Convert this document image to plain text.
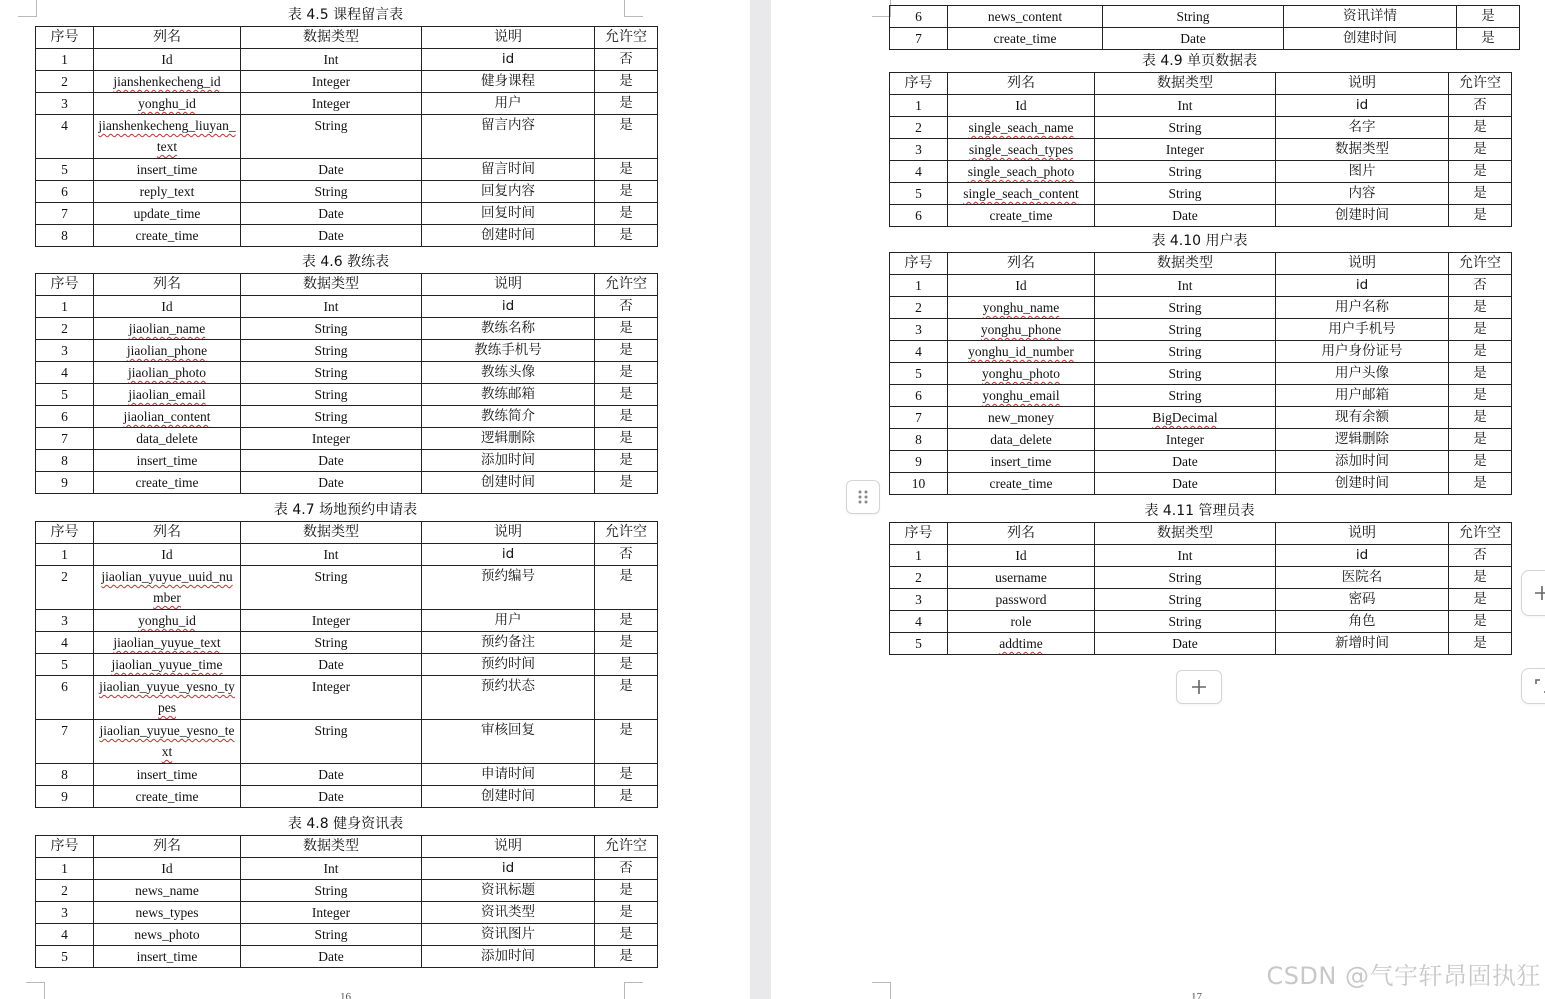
表 4.5 课程留言表
序号	列名	数据类型	说明	允许空
1	Id	Int	id	否
2	jianshenkecheng_id	Integer	健身课程	是
3	yonghu_id	Integer	用户	是
4	jianshenkecheng_liuyan_text	String	留言内容	是
5	insert_time	Date	留言时间	是
6	reply_text	String	回复内容	是
7	update_time	Date	回复时间	是
8	create_time	Date	创建时间	是
表 4.6 教练表
序号	列名	数据类型	说明	允许空
1	Id	Int	id	否
2	jiaolian_name	String	教练名称	是
3	jiaolian_phone	String	教练手机号	是
4	jiaolian_photo	String	教练头像	是
5	jiaolian_email	String	教练邮箱	是
6	jiaolian_content	String	教练简介	是
7	data_delete	Integer	逻辑删除	是
8	insert_time	Date	添加时间	是
9	create_time	Date	创建时间	是
表 4.7 场地预约申请表
序号	列名	数据类型	说明	允许空
1	Id	Int	id	否
2	jiaolian_yuyue_uuid_number	String	预约编号	是
3	yonghu_id	Integer	用户	是
4	jiaolian_yuyue_text	String	预约备注	是
5	jiaolian_yuyue_time	Date	预约时间	是
6	jiaolian_yuyue_yesno_types	Integer	预约状态	是
7	jiaolian_yuyue_yesno_text	String	审核回复	是
8	insert_time	Date	申请时间	是
9	create_time	Date	创建时间	是
表 4.8 健身资讯表
序号	列名	数据类型	说明	允许空
1	Id	Int	id	否
2	news_name	String	资讯标题	是
3	news_types	Integer	资讯类型	是
4	news_photo	String	资讯图片	是
5	insert_time	Date	添加时间	是
16
6	news_content	String	资讯详情	是
7	create_time	Date	创建时间	是
表 4.9 单页数据表
序号	列名	数据类型	说明	允许空
1	Id	Int	id	否
2	single_seach_name	String	名字	是
3	single_seach_types	Integer	数据类型	是
4	single_seach_photo	String	图片	是
5	single_seach_content	String	内容	是
6	create_time	Date	创建时间	是
表 4.10 用户表
序号	列名	数据类型	说明	允许空
1	Id	Int	id	否
2	yonghu_name	String	用户名称	是
3	yonghu_phone	String	用户手机号	是
4	yonghu_id_number	String	用户身份证号	是
5	yonghu_photo	String	用户头像	是
6	yonghu_email	String	用户邮箱	是
7	new_money	BigDecimal	现有余额	是
8	data_delete	Integer	逻辑删除	是
9	insert_time	Date	添加时间	是
10	create_time	Date	创建时间	是
表 4.11 管理员表
序号	列名	数据类型	说明	允许空
1	Id	Int	id	否
2	username	String	医院名	是
3	password	String	密码	是
4	role	String	角色	是
5	addtime	Date	新增时间	是
17
CSDN @气宇轩昂固执狂
